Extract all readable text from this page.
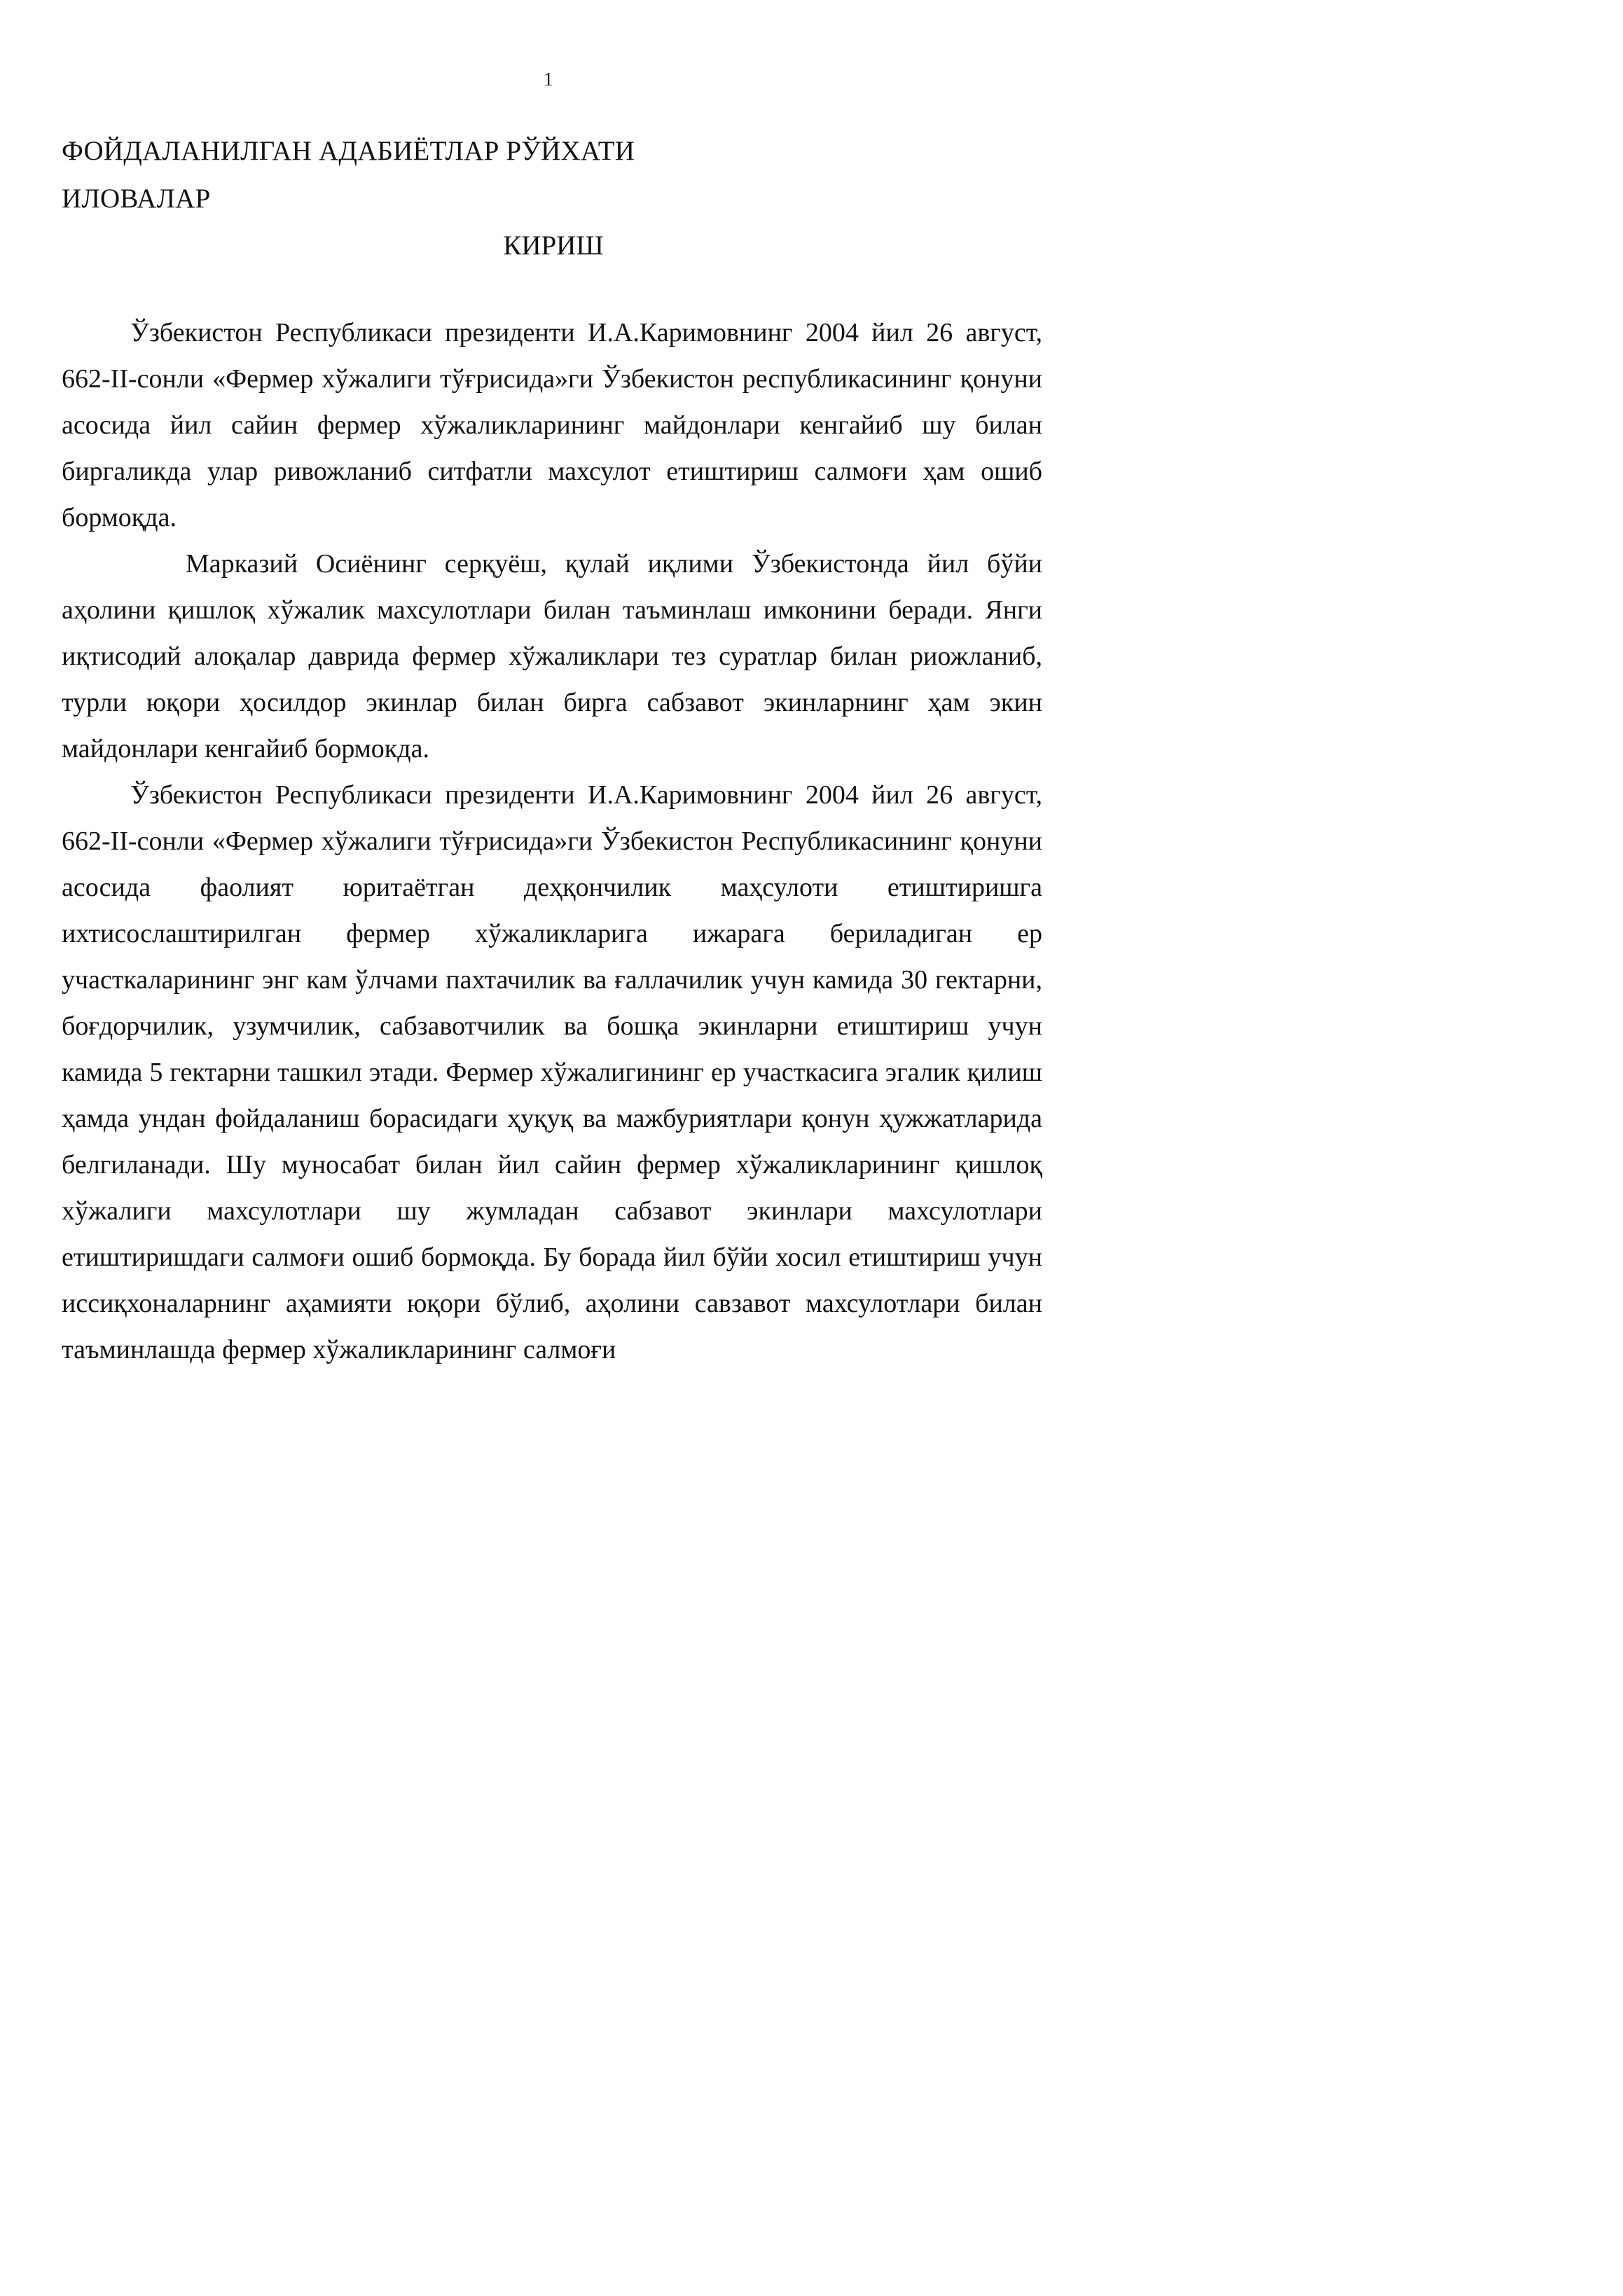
1
ФОЙДАЛАНИЛГАН АДАБИЁТЛАР РЎЙХАТИ
ИЛОВАЛАР
КИРИШ

Ўзбекистон Республикаси президенти И.А.Каримовнинг 2004 йил 26 август, 662-II-сонли «Фермер хўжалиги тўғрисида»ги Ўзбекистон республикасининг қонуни асосида йил сайин фермер хўжаликларининг майдонлари кенгайиб шу билан биргаликда улар ривожланиб ситфатли махсулот етиштириш салмоғи ҳам ошиб бормоқда.

Марказий Осиёнинг серқуёш, қулай иқлими Ўзбекистонда йил бўйи аҳолини қишлоқ хўжалик махсулотлари билан таъминлаш имконини беради. Янги иқтисодий алоқалар даврида фермер хўжаликлари тез суратлар билан риожланиб, турли юқори ҳосилдор экинлар билан бирга сабзавот экинларнинг ҳам экин майдонлари кенгайиб бормокда.

Ўзбекистон Республикаси президенти И.А.Каримовнинг 2004 йил 26 август, 662-II-сонли «Фермер хўжалиги тўғрисида»ги Ўзбекистон Республикасининг қонуни асосида фаолият юритаётган деҳқончилик маҳсулоти етиштиришга ихтисослаштирилган фермер хўжаликларига ижарага бериладиган ер участкаларининг энг кам ўлчами пахтачилик ва ғаллачилик учун камида 30 гектарни, боғдорчилик, узумчилик, сабзавотчилик ва бошқа экинларни етиштириш учун камида 5 гектарни ташкил этади. Фермер хўжалигининг ер участкасига эгалик қилиш ҳамда ундан фойдаланиш борасидаги ҳуқуқ ва мажбуриятлари қонун ҳужжатларида белгиланади. Шу муносабат билан йил сайин фермер хўжаликларининг қишлоқ хўжалиги махсулотлари шу жумладан сабзавот экинлари махсулотлари етиштиришдаги салмоғи ошиб бормоқда. Бу борада йил бўйи хосил етиштириш учун иссиқхоналарнинг аҳамияти юқори бўлиб, аҳолини савзавот махсулотлари билан таъминлашда фермер хўжаликларининг салмоғи
